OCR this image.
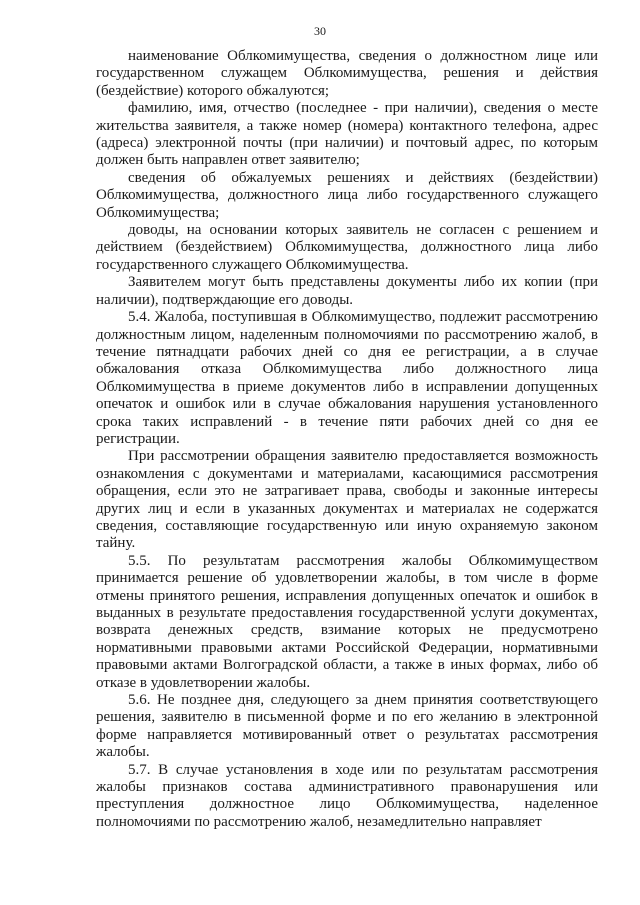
30

наименование Облкомимущества, сведения о должностном лице или государственном служащем Облкомимущества, решения и действия (бездействие) которого обжалуются;

фамилию, имя, отчество (последнее - при наличии), сведения о месте жительства заявителя, а также номер (номера) контактного телефона, адрес (адреса) электронной почты (при наличии) и почтовый адрес, по которым должен быть направлен ответ заявителю;

сведения об обжалуемых решениях и действиях (бездействии) Облкомимущества, должностного лица либо государственного служащего Облкомимущества;

доводы, на основании которых заявитель не согласен с решением и действием (бездействием) Облкомимущества, должностного лица либо государственного служащего Облкомимущества.

Заявителем могут быть представлены документы либо их копии (при наличии), подтверждающие его доводы.

5.4. Жалоба, поступившая в Облкомимущество, подлежит рассмотрению должностным лицом, наделенным полномочиями по рассмотрению жалоб, в течение пятнадцати рабочих дней со дня ее регистрации, а в случае обжалования отказа Облкомимущества либо должностного лица Облкомимущества в приеме документов либо в исправлении допущенных опечаток и ошибок или в случае обжалования нарушения установленного срока таких исправлений - в течение пяти рабочих дней со дня ее регистрации.

При рассмотрении обращения заявителю предоставляется возможность ознакомления с документами и материалами, касающимися рассмотрения обращения, если это не затрагивает права, свободы и законные интересы других лиц и если в указанных документах и материалах не содержатся сведения, составляющие государственную или иную охраняемую законом тайну.

5.5. По результатам рассмотрения жалобы Облкомимуществом принимается решение об удовлетворении жалобы, в том числе в форме отмены принятого решения, исправления допущенных опечаток и ошибок в выданных в результате предоставления государственной услуги документах, возврата денежных средств, взимание которых не предусмотрено нормативными правовыми актами Российской Федерации, нормативными правовыми актами Волгоградской области, а также в иных формах, либо об отказе в удовлетворении жалобы.

5.6. Не позднее дня, следующего за днем принятия соответствующего решения, заявителю в письменной форме и по его желанию в электронной форме направляется мотивированный ответ о результатах рассмотрения жалобы.

5.7. В случае установления в ходе или по результатам рассмотрения жалобы признаков состава административного правонарушения или преступления должностное лицо Облкомимущества, наделенное полномочиями по рассмотрению жалоб, незамедлительно направляет
